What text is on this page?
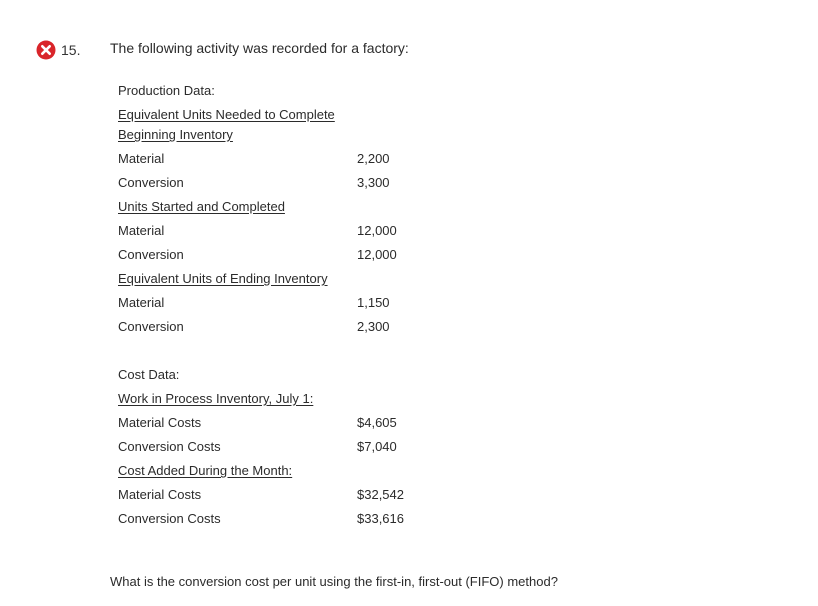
15. The following activity was recorded for a factory:
Production Data:
Equivalent Units Needed to Complete
Beginning Inventory
Material	2,200
Conversion	3,300
Units Started and Completed
Material	12,000
Conversion	12,000
Equivalent Units of Ending Inventory
Material	1,150
Conversion	2,300
Cost Data:
Work in Process Inventory, July 1:
Material Costs	$4,605
Conversion Costs	$7,040
Cost Added During the Month:
Material Costs	$32,542
Conversion Costs	$33,616
What is the conversion cost per unit using the first-in, first-out (FIFO) method?
